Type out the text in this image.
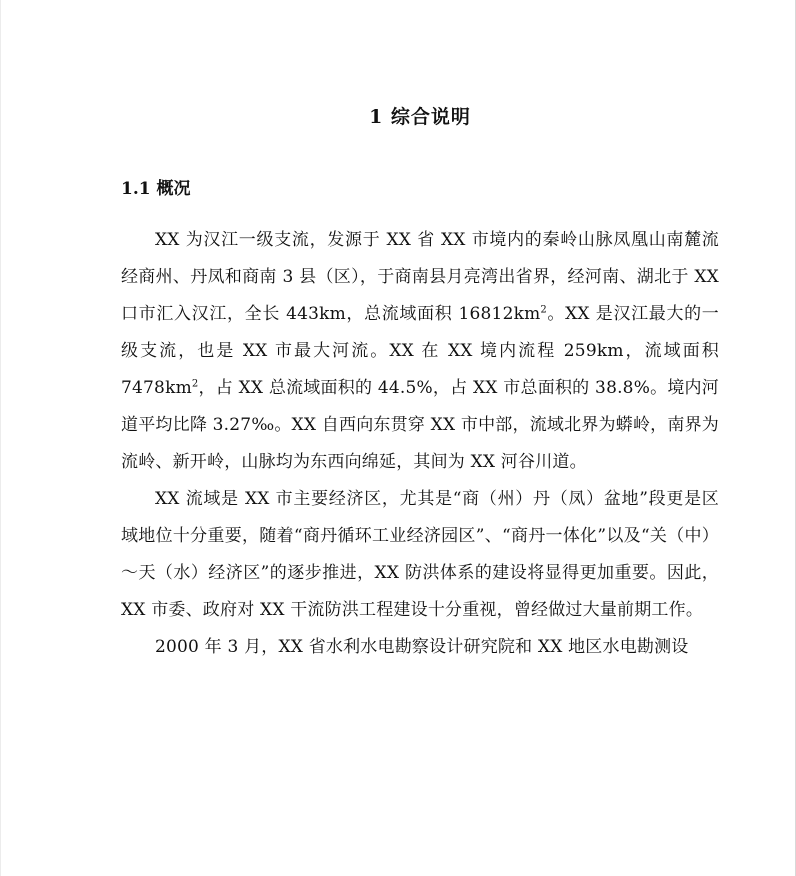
1 综合说明
1.1 概况

XX 为汉江一级支流，发源于 XX 省 XX 市境内的秦岭山脉凤凰山南麓流经商州、丹凤和商南 3 县（区），于商南县月亮湾出省界，经河南、湖北于 XX 口市汇入汉江，全长 443km，总流域面积 $16812km^2$。XX 是汉江最大的一级支流，也是 XX 市最大河流。XX 在 XX 境内流程 259km，流域面积 $7478km^2$，占 XX 总流域面积的 44.5%，占 XX 市总面积的 38.8%。境内河道平均比降 3.27‰。XX 自西向东贯穿 XX 市中部，流域北界为蟒岭，南界为流岭、新开岭，山脉均为东西向绵延，其间为 XX 河谷川道。

XX 流域是 XX 市主要经济区，尤其是“商（州）丹（凤）盆地”段更是区域地位十分重要，随着“商丹循环工业经济园区”、“商丹一体化”以及“关（中）～天（水）经济区”的逐步推进，XX 防洪体系的建设将显得更加重要。因此，XX 市委、政府对 XX 干流防洪工程建设十分重视，曾经做过大量前期工作。

2000 年 3 月，XX 省水利水电勘察设计研究院和 XX 地区水电勘测设
